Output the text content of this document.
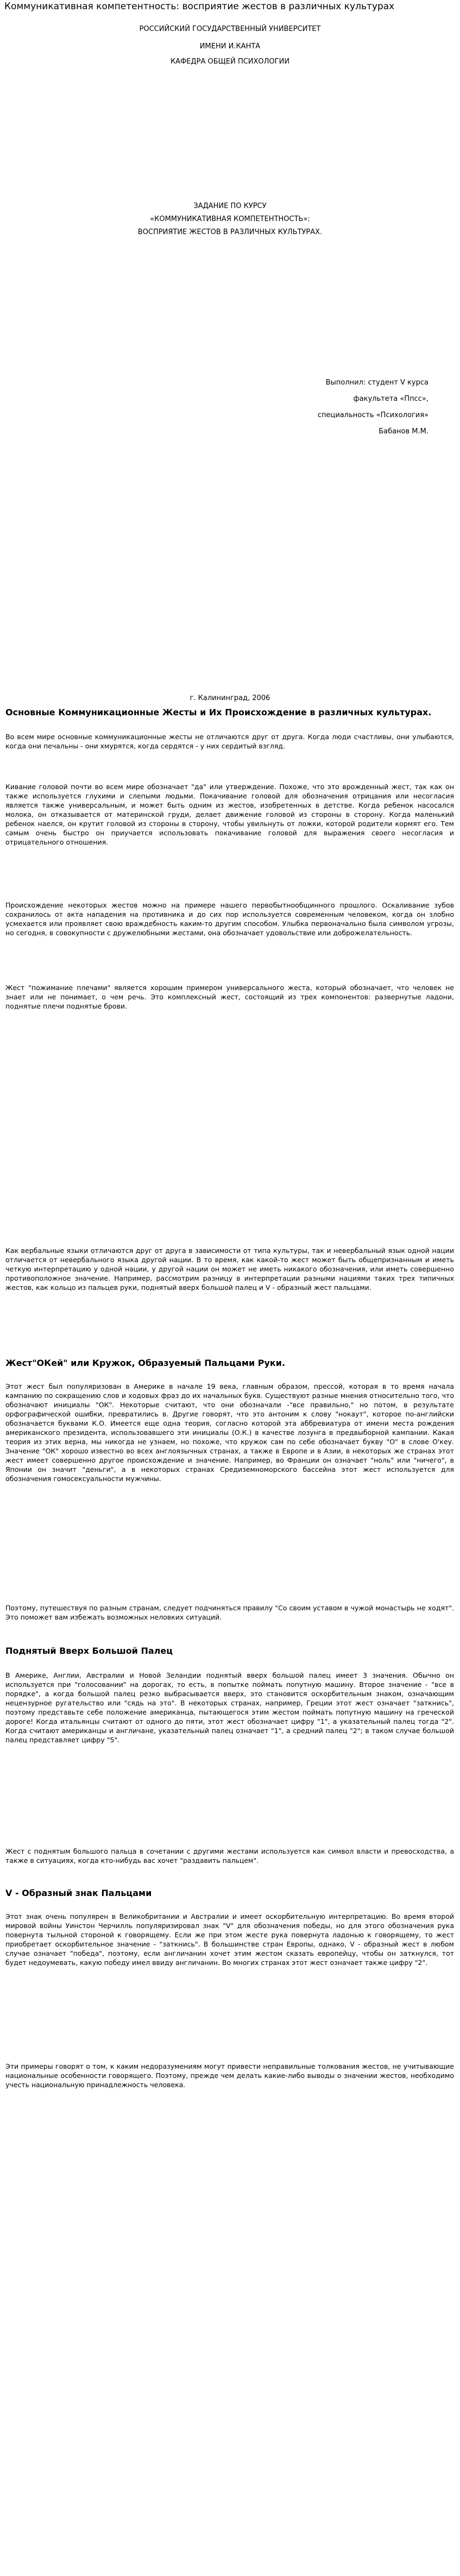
Коммуникативная компетентность: восприятие жестов в различных культурах
РОССИЙСКИЙ ГОСУДАРСТВЕННЫЙ УНИВЕРСИТЕТ
ИМЕНИ И.КАНТА
КАФЕДРА ОБЩЕЙ ПСИХОЛОГИИ
ЗАДАНИЕ ПО КУРСУ
«КОММУНИКАТИВНАЯ КОМПЕТЕНТНОСТЬ»:
ВОСПРИЯТИЕ ЖЕСТОВ В РАЗЛИЧНЫХ КУЛЬТУРАХ.
Выполнил: студент V курса
факультета «Ппсс»,
специальность «Психология»
Бабанов М.М.
г. Калининград, 2006
Основные Коммуникационные Жесты и Их Происхождение в различных культурах.

Во всем мире основные коммуникационные жесты не отличаются друг от друга. Когда люди счастливы, они улыбаются, когда они печальны - они хмурятся, когда сердятся - у них сердитый взгляд.

Кивание головой почти во всем мире обозначает "да" или утверждение. Похоже, что это врожденный жест, так как он также используется глухими и слепыми людьми. Покачивание головой для обозначения отрицания или несогласия является также универсальным, и может быть одним из жестов, изобретенных в детстве. Когда ребенок насосался молока, он отказывается от материнской груди, делает движение головой из стороны в сторону. Когда маленький ребенок наелся, он крутит головой из стороны в сторону, чтобы увильнуть от ложки, которой родители кормят его. Тем самым очень быстро он приучается использовать покачивание головой для выражения своего несогласия и отрицательного отношения.

Происхождение некоторых жестов можно на примере нашего первобытнообщинного прошлого. Оскаливание зубов сохранилось от акта нападения на противника и до сих пор используется современным человеком, когда он злобно усмехается или проявляет свою враждебность каким-то другим способом. Улыбка первоначально была символом угрозы, но сегодня, в совокупности с дружелюбными жестами, она обозначает удовольствие или доброжелательность.

Жест "пожимание плечами" является хорошим примером универсального жеста, который обозначает, что человек не знает или не понимает, о чем речь. Это комплексный жест, состоящий из трех компонентов: развернутые ладони, поднятые плечи поднятые брови.

Как вербальные языки отличаются друг от друга в зависимости от типа культуры, так и невербальный язык одной нации отличается от невербального языка другой нации. В то время, как какой-то жест может быть общепризнанным и иметь четкую интерпретацию у одной нации, у другой нации он может не иметь никакого обозначения, или иметь совершенно противоположное значение. Например, рассмотрим разницу в интерпретации разными нациями таких трех типичных жестов, как кольцо из пальцев руки, поднятый вверх большой палец и V - образный жест пальцами.

Жест"ОКей" или Кружок, Образуемый Пальцами Руки.

Этот жест был популяризован в Америке в начале 19 века, главным образом, прессой, которая в то время начала кампанию по сокращению слов и ходовых фраз до их начальных букв. Существуют разные мнения относительно того, что обозначают инициалы "ОК". Некоторые считают, что они обозначали -"все правильно," но потом, в результате орфографической ошибки, превратились в. Другие говорят, что это антоним к слову "нокаут", которое по-английски обозначается буквами К.О. Имеется еще одна теория, согласно которой эта аббревиатура от имени места рождения американского президента, использовавшего эти инициалы (О.К.) в качестве лозунга в предвыборной кампании. Какая теория из этих верна, мы никогда не узнаем, но похоже, что кружок сам по себе обозначает букву "О" в слове О'кеу. Значение "ОК" хорошо известно во всех англоязычных странах, а также в Европе и в Азии, в некоторых же странах этот жест имеет совершенно другое происхождение и значение. Например, во Франции он означает "ноль" или "ничего", в Японии он значит "деньги", а в некоторых странах Средиземноморского бассейна этот жест используется для обозначения гомосексуальности мужчины.

Поэтому, путешествуя по разным странам, следует подчиняться правилу "Со своим уставом в чужой монастырь не ходят". Это поможет вам избежать возможных неловких ситуаций.

Поднятый Вверх Большой Палец

В Америке, Англии, Австралии и Новой Зеландии поднятый вверх большой палец имеет 3 значения. Обычно он используется при "голосовании" на дорогах, то есть, в попытке поймать попутную машину. Второе значение - "все в порядке", а когда большой палец резко выбрасывается вверх, это становится оскорбительным знаком, означающим нецензурное ругательство или "сядь на это". В некоторых странах, например, Греции этот жест означает "заткнись", поэтому представьте себе положение американца, пытающегося этим жестом поймать попутную машину на греческой дороге! Когда итальянцы считают от одного до пяти, этот жест обозначает цифру "1", а указательный палец тогда "2". Когда считают американцы и англичане, указательный палец означает "1", а средний палец "2"; в таком случае большой палец представляет цифру "5".

Жест с поднятым большого пальца в сочетании с другими жестами используется как символ власти и превосходства, а также в ситуациях, когда кто-нибудь вас хочет "раздавить пальцем".

V - Образный знак Пальцами

Этот знак очень популярен в Великобритании и Австралии и имеет оскорбительную интерпретацию. Во время второй мировой войны Уинстон Черчилль популяризировал знак "V" для обозначения победы, но для этого обозначения рука повернута тыльной стороной к говорящему. Если же при этом жесте рука повернута ладонью к говорящему, то жест приобретает оскорбительное значение - "заткнись". В большинстве стран Европы, однако, V - образный жест в любом случае означает "победа", поэтому, если англичанин хочет этим жестом сказать европейцу, чтобы он заткнулся, тот будет недоумевать, какую победу имел ввиду англичанин. Во многих странах этот жест означает также цифру "2".

Эти примеры говорят о том, к каким недоразумениям могут привести неправильные толкования жестов, не учитывающие национальные особенности говорящего. Поэтому, прежде чем делать какие-либо выводы о значении жестов, необходимо учесть национальную принадлежность человека.
